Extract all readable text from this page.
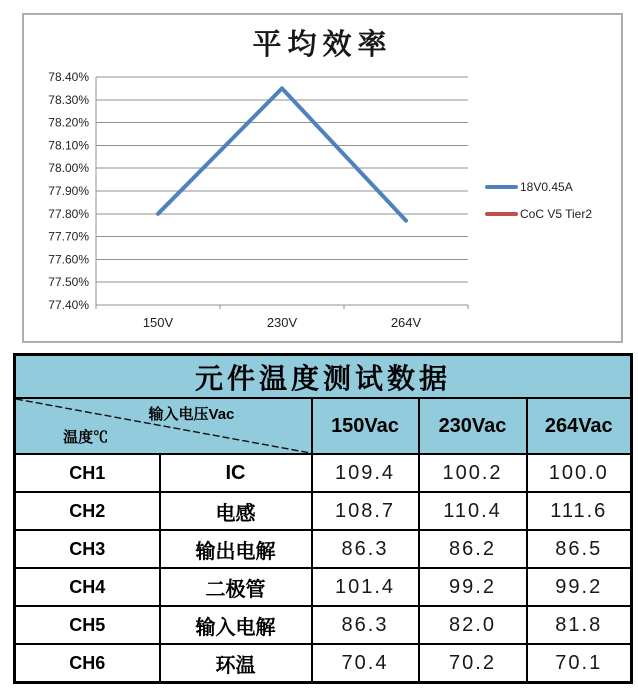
平均效率
78.40%
78.30%
78.20%
78.10%
78.00%
77.90%
77.80%
77.70%
77.60%
77.50%
77.40%
150V	230V	264V
18V0.45A
CoC V5 Tier2
元件温度测试数据				

输入电压Vac
温度℃		150Vac	230Vac	264Vac
CH1	IC	109.4	100.2	100.0
CH2	电感	108.7	110.4	111.6
CH3	输出电解	86.3	86.2	86.5
CH4	二极管	101.4	99.2	99.2
CH5	输入电解	86.3	82.0	81.8
CH6	环温	70.4	70.2	70.1
